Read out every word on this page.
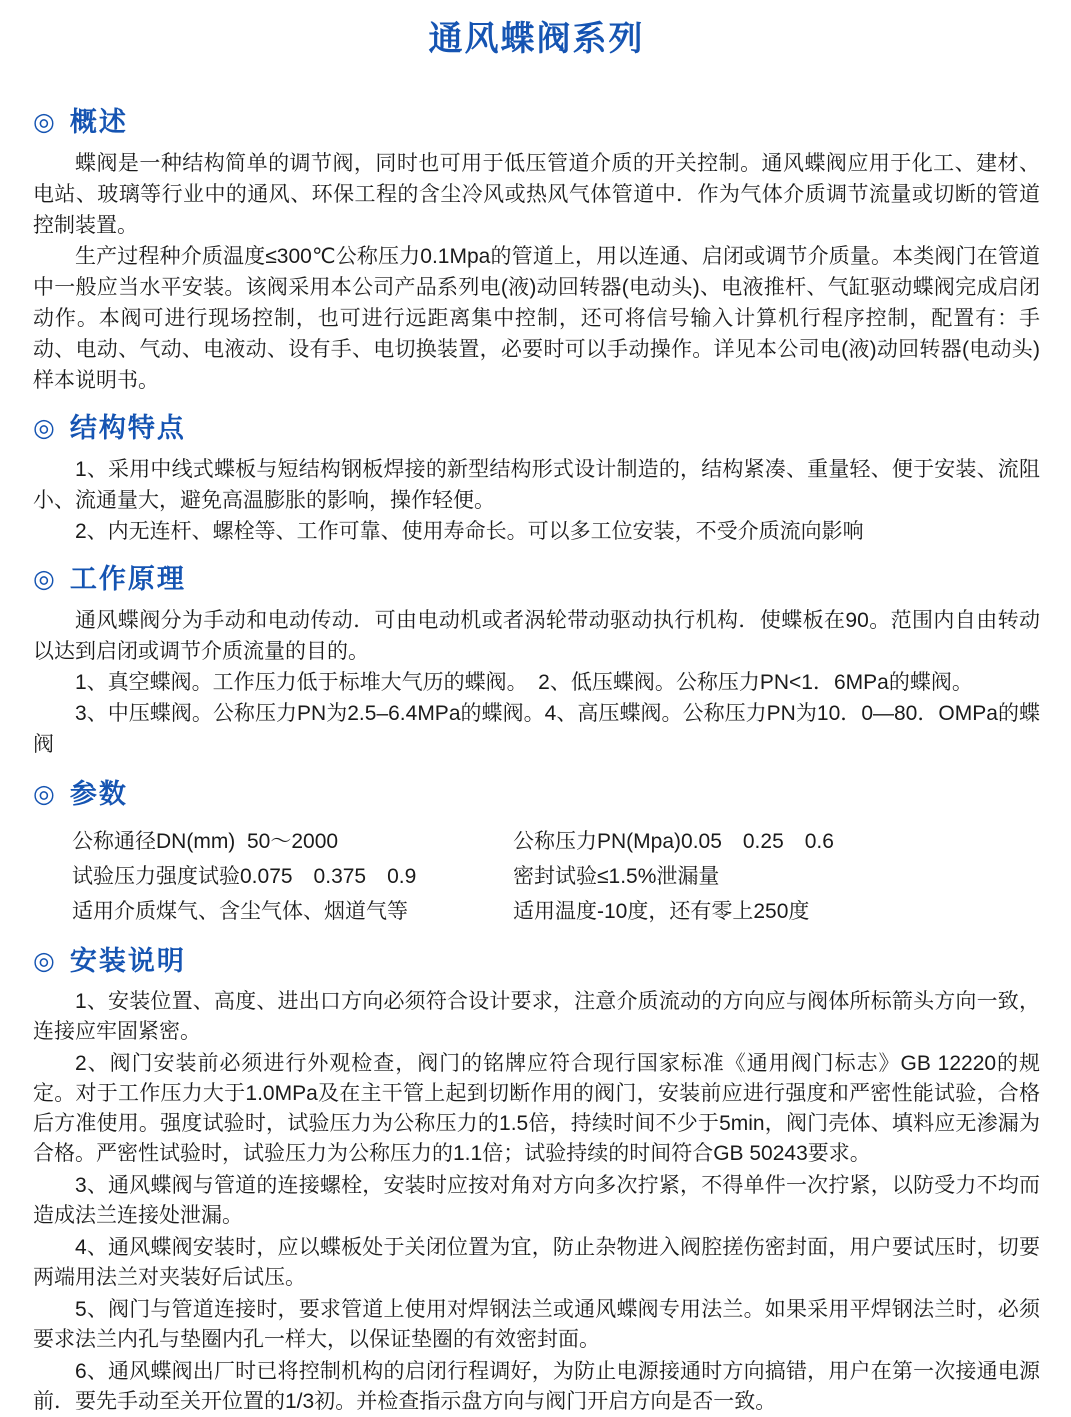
通风蝶阀系列
◎ 概述

蝶阀是一种结构简单的调节阀，同时也可用于低压管道介质的开关控制。通风蝶阀应用于化工、建材、电站、玻璃等行业中的通风、环保工程的含尘冷风或热风气体管道中．作为气体介质调节流量或切断的管道控制装置。

生产过程种介质温度≤300℃公称压力0.1Mpa的管道上，用以连通、启闭或调节介质量。本类阀门在管道中一般应当水平安装。该阀采用本公司产品系列电(液)动回转器(电动头)、电液推杆、气缸驱动蝶阀完成启闭动作。本阀可进行现场控制，也可进行远距离集中控制，还可将信号输入计算机行程序控制，配置有：手动、电动、气动、电液动、设有手、电切换装置，必要时可以手动操作。详见本公司电(液)动回转器(电动头)样本说明书。

◎ 结构特点

1、采用中线式蝶板与短结构钢板焊接的新型结构形式设计制造的，结构紧凑、重量轻、便于安装、流阻小、流通量大，避免高温膨胀的影响，操作轻便。

2、内无连杆、螺栓等、工作可靠、使用寿命长。可以多工位安装，不受介质流向影响

◎ 工作原理

通风蝶阀分为手动和电动传动．可由电动机或者涡轮带动驱动执行机构．使蝶板在90。范围内自由转动以达到启闭或调节介质流量的目的。

1、真空蝶阀。工作压力低于标堆大气历的蝶阀。　2、低压蝶阀。公称压力PN<1．6MPa的蝶阀。

3、中压蝶阀。公称压力PN为2.5–6.4MPa的蝶阀。4、高压蝶阀。公称压力PN为10．0—80．OMPa的蝶阀

◎ 参数

公称通径DN(mm)  50～2000

试验压力强度试验0.075　0.375　0.9

适用介质煤气、含尘气体、烟道气等

公称压力PN(Mpa)0.05　0.25　0.6

密封试验≤1.5%泄漏量

适用温度-10度，还有零上250度

◎ 安装说明

1、安装位置、高度、进出口方向必须符合设计要求，注意介质流动的方向应与阀体所标箭头方向一致，连接应牢固紧密。

2、阀门安装前必须进行外观检查，阀门的铭牌应符合现行国家标准《通用阀门标志》GB 12220的规定。对于工作压力大于1.0MPa及在主干管上起到切断作用的阀门，安装前应进行强度和严密性能试验，合格后方准使用。强度试验时，试验压力为公称压力的1.5倍，持续时间不少于5min，阀门壳体、填料应无渗漏为合格。严密性试验时，试验压力为公称压力的1.1倍；试验持续的时间符合GB 50243要求。

3、通风蝶阀与管道的连接螺栓，安装时应按对角对方向多次拧紧，不得单件一次拧紧，以防受力不均而造成法兰连接处泄漏。

4、通风蝶阀安装时，应以蝶板处于关闭位置为宜，防止杂物进入阀腔搓伤密封面，用户要试压时，切要两端用法兰对夹装好后试压。

5、阀门与管道连接时，要求管道上使用对焊钢法兰或通风蝶阀专用法兰。如果采用平焊钢法兰时，必须要求法兰内孔与垫圈内孔一样大，以保证垫圈的有效密封面。

6、通风蝶阀出厂时已将控制机构的启闭行程调好，为防止电源接通时方向搞错，用户在第一次接通电源前．要先手动至关开位置的1/3初。并检查指示盘方向与阀门开启方向是否一致。
